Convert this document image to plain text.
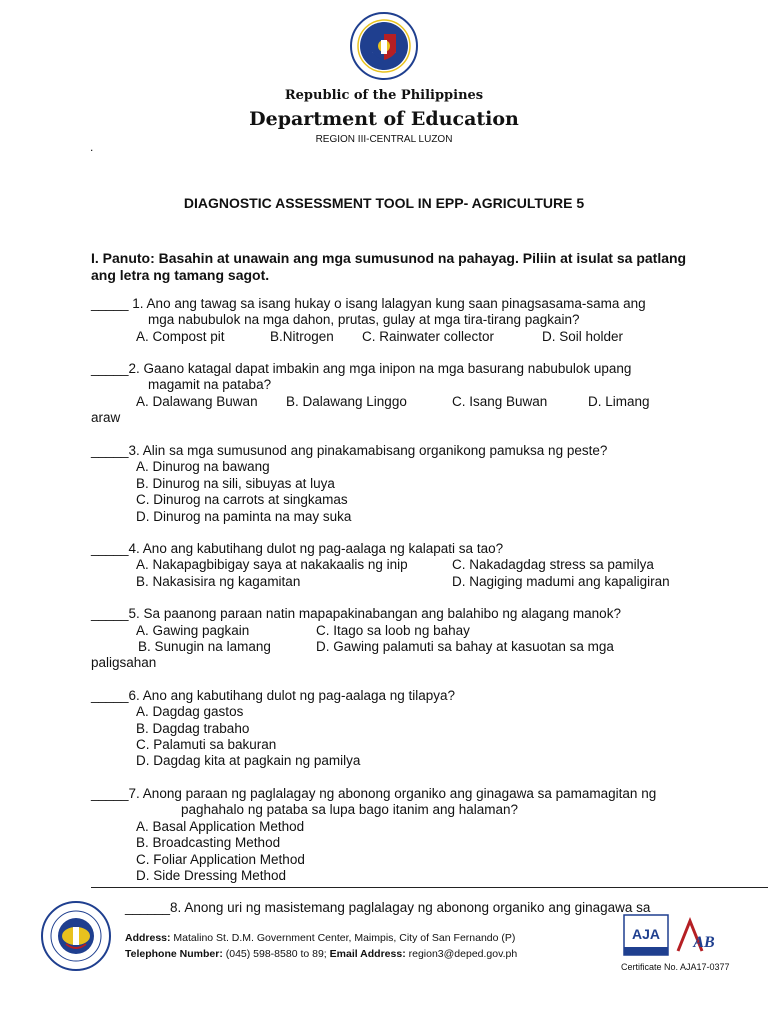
Republic of the Philippines
Department of Education
REGION III-CENTRAL LUZON
.
DIAGNOSTIC ASSESSMENT TOOL IN EPP- AGRICULTURE 5
I. Panuto: Basahin at unawain ang mga sumusunod na pahayag. Piliin at isulat sa patlang ang letra ng tamang sagot.
_____ 1. Ano ang tawag sa isang hukay o isang lalagyan kung saan pinagsasama-sama ang
mga nabubulok na mga dahon, prutas, gulay at mga tira-tirang pagkain?
A. Compost pit	B.Nitrogen C. Rainwater collector	D. Soil holder
_____2. Gaano katagal dapat imbakin ang mga inipon na mga basurang nabubulok upang
magamit na pataba?
A. Dalawang Buwan B. Dalawang Linggo	C. Isang Buwan	D. Limang
araw
_____3. Alin sa mga sumusunod ang pinakamabisang organikong pamuksa ng peste?
A. Dinurog na bawang
B. Dinurog na sili, sibuyas at luya
C. Dinurog na carrots at singkamas
D. Dinurog na paminta na may suka
_____4. Ano ang kabutihang dulot ng pag-aalaga ng kalapati sa tao?
A. Nakapagbibigay saya at nakakaalis ng inip	C. Nakadagdag stress sa pamilya
B. Nakasisira ng kagamitan	D. Nagiging madumi ang kapaligiran
_____5. Sa paanong paraan natin mapapakinabangan ang balahibo ng alagang manok?
A. Gawing pagkain	C. Itago sa loob ng bahay
B. Sunugin na lamang	D. Gawing palamuti sa bahay at kasuotan sa mga
paligsahan
_____6. Ano ang kabutihang dulot ng pag-aalaga ng tilapya?
A. Dagdag gastos
B. Dagdag trabaho
C. Palamuti sa bakuran
D. Dagdag kita at pagkain ng pamilya
_____7. Anong paraan ng paglalagay ng abonong organiko ang ginagawa sa pamamagitan ng
paghahalo ng pataba sa lupa bago itanim ang halaman?
A. Basal Application Method
B. Broadcasting Method
C. Foliar Application Method
D. Side Dressing Method
______8. Anong uri ng masistemang paglalagay ng abonong organiko ang ginagawa sa
Address: Matalino St. D.M. Government Center, Maimpis, City of San Fernando (P)
Telephone Number: (045) 598-8580 to 89; Email Address: region3@deped.gov.ph
AJA AB
Certificate No. AJA17-0377
